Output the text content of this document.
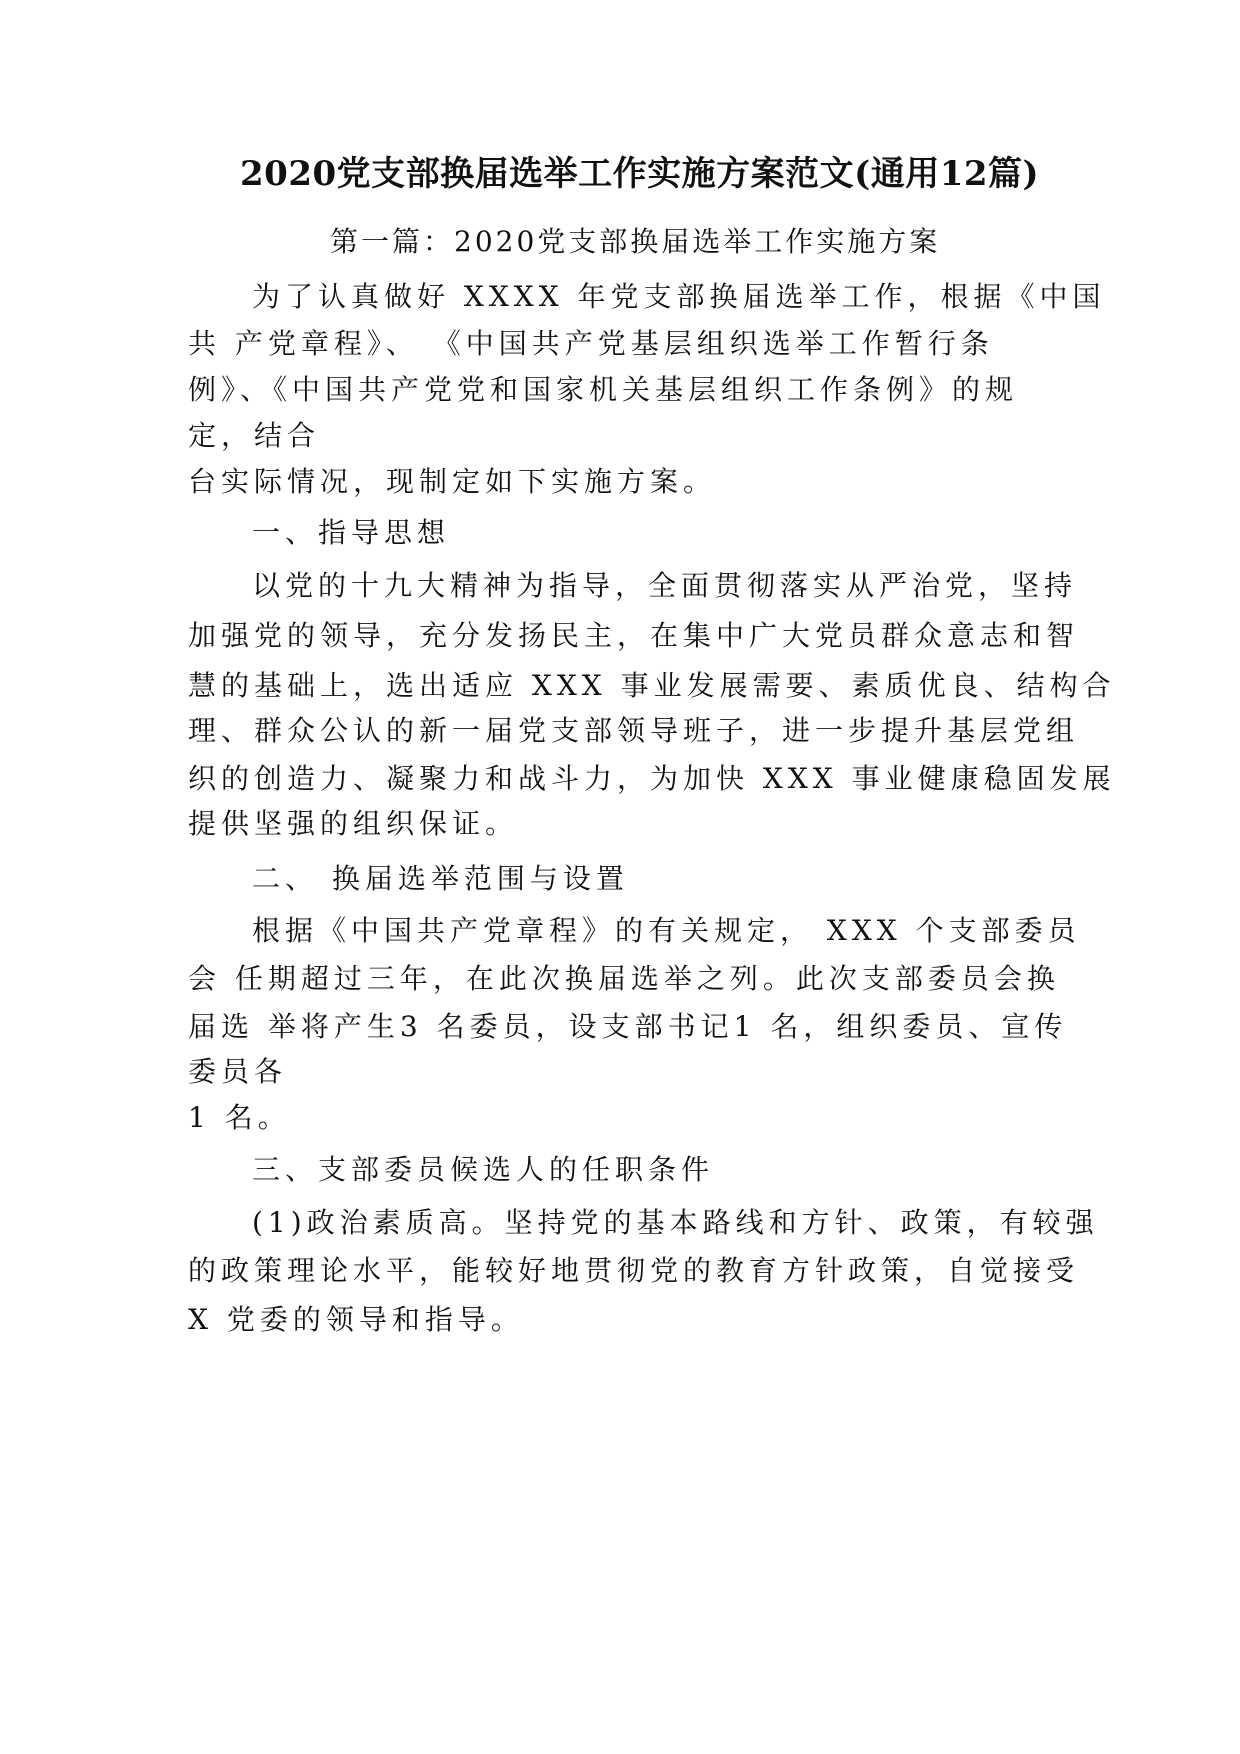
2020党支部换届选举工作实施方案范文(通用12篇)
第一篇：2020党支部换届选举工作实施方案
为了认真做好 XXXX 年党支部换届选举工作，根据《中国
共 产党章程》、 《中国共产党基层组织选举工作暂行条
例》、《中国共产党党和国家机关基层组织工作条例》的规
定，结合
台实际情况，现制定如下实施方案。
一、指导思想
以党的十九大精神为指导，全面贯彻落实从严治党，坚持
加强党的领导，充分发扬民主，在集中广大党员群众意志和智
慧的基础上，选出适应 XXX 事业发展需要、素质优良、结构合
理、群众公认的新一届党支部领导班子，进一步提升基层党组
织的创造力、凝聚力和战斗力，为加快 XXX 事业健康稳固发展
提供坚强的组织保证。
二、 换届选举范围与设置
根据《中国共产党章程》的有关规定， XXX 个支部委员
会 任期超过三年，在此次换届选举之列。此次支部委员会换
届选 举将产生3 名委员，设支部书记1 名，组织委员、宣传
委员各
1 名。
三、支部委员候选人的任职条件
(1)政治素质高。坚持党的基本路线和方针、政策，有较强
的政策理论水平，能较好地贯彻党的教育方针政策，自觉接受
X 党委的领导和指导。
